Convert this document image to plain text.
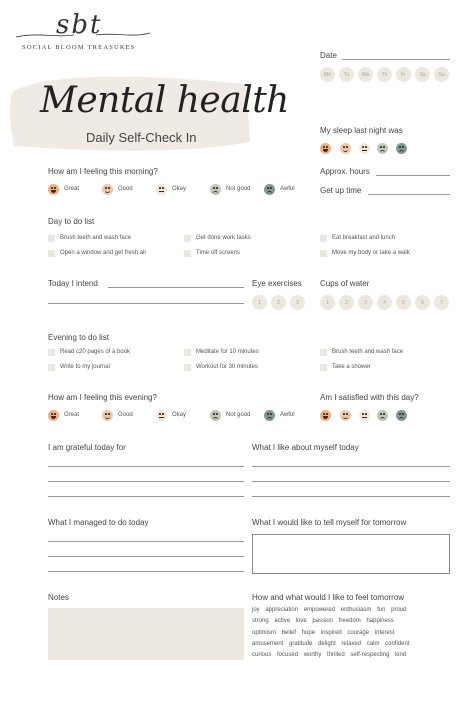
sbt
SOCIAL BLOOM TREASURES
Mental health
Daily Self-Check In
Date
Mo	Tu	We	Th	Fr	Sa	Su
My sleep last night was
Approx. hours
Get up time
How am I feeling this morning?
Great	Good	Okay	Not good	Awful
Day to do list
Brush teeth and wash face	Get done work tasks	Eat breakfast and lunch
Open a window and get fresh air	Time off screens	Move my body or take a walk
Today I intend	Eye exercises
1	2	3
Cups of water
1	2	3	4	5	6	7
Evening to do list
Read c20 pages of a book	Meditate for 10 minutes	Brush teeth and wash face
Write to my journal	Workout for 30 minutes	Take a shower
How am I feeling this evening?
Great	Good	Okay	Not good	Awful
Am I satisfied with this day?
I am grateful today for	What I like about myself today
What I managed to do today	What I would like to tell myself for tomorrow
Notes	How and what would I like to feel tomorrow
joy appreciation empowered enthusiasm fun proud
strong active love passion freedom happiness
optimism belief hope inspired courage interest
amusement gratitude delight relaxed calm confident
curious focused worthy thrilled self-respecting kind
